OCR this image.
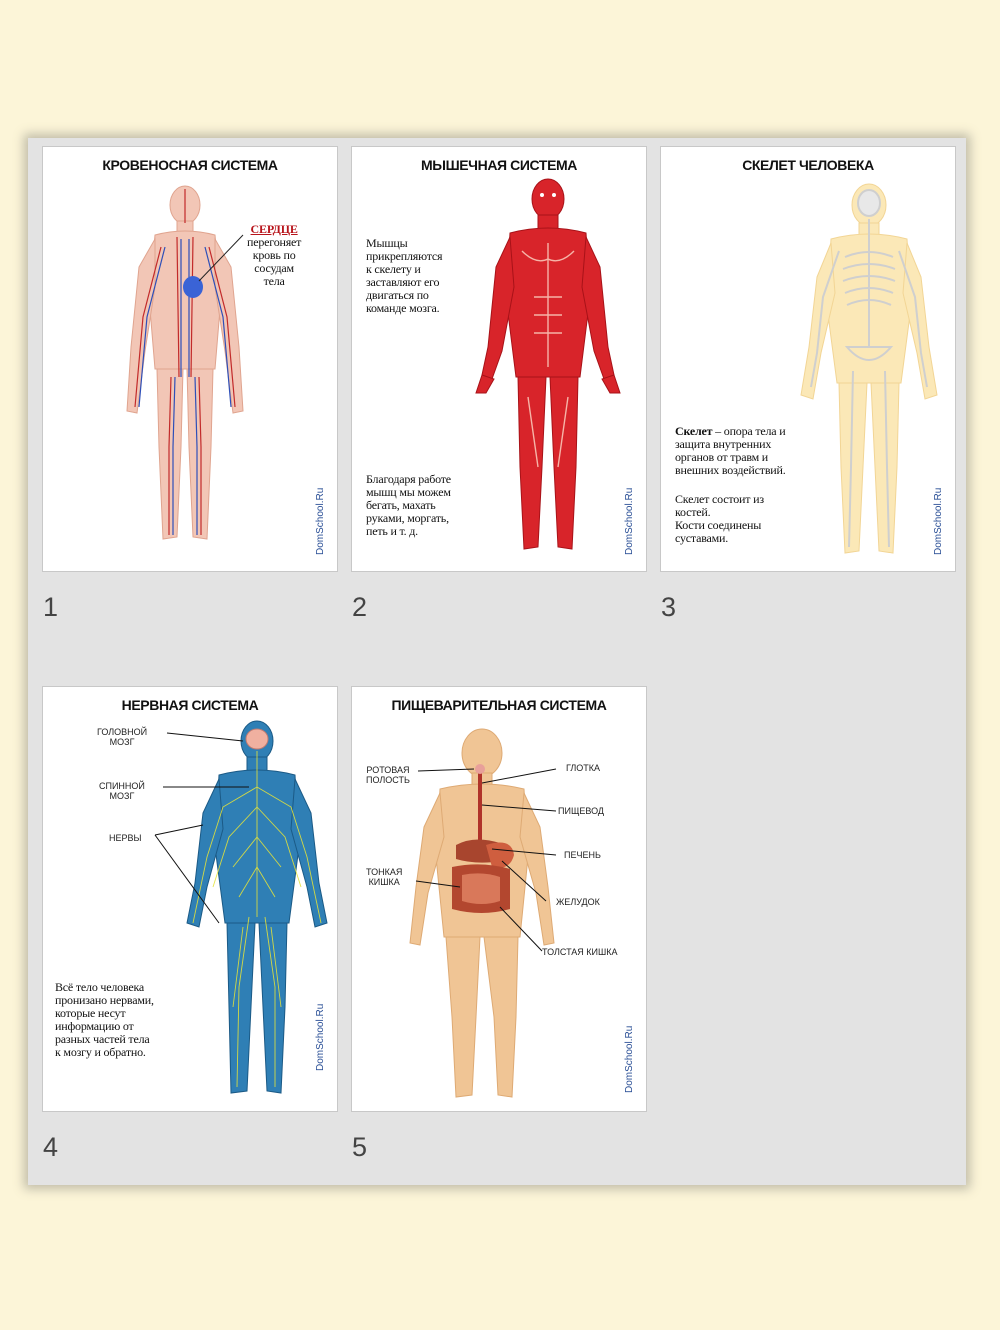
КРОВЕНОСНАЯ СИСТЕМА
СЕРДЦЕ
перегоняет
кровь по
сосудам
тела
DomSchool.Ru
1
МЫШЕЧНАЯ СИСТЕМА
Мышцы
прикрепляются
к скелету и
заставляют его
двигаться по
команде мозга.
Благодаря работе
мышц мы можем
бегать, махать
руками, моргать,
петь и т. д.	DomSchool.Ru
2
СКЕЛЕТ ЧЕЛОВЕКА
Скелет – опора тела и
защита внутренних
органов от травм и
внешних воздействий.
Скелет состоит из
костей.
Кости соединены
суставами.	DomSchool.Ru
3
НЕРВНАЯ СИСТЕМА
ГОЛОВНОЙ
МОЗГ
СПИННОЙ
МОЗГ
НЕРВЫ
Всё тело человека
пронизано нервами,
которые несут
информацию от
разных частей тела
к мозгу и обратно.	DomSchool.Ru
4
ПИЩЕВАРИТЕЛЬНАЯ СИСТЕМА
РОТОВАЯ
ПОЛОСТЬ
ГЛОТКА
ПИЩЕВОД
ПЕЧЕНЬ
ТОНКАЯ
КИШКА
ЖЕЛУДОК
ТОЛСТАЯ КИШКА
DomSchool.Ru
5
